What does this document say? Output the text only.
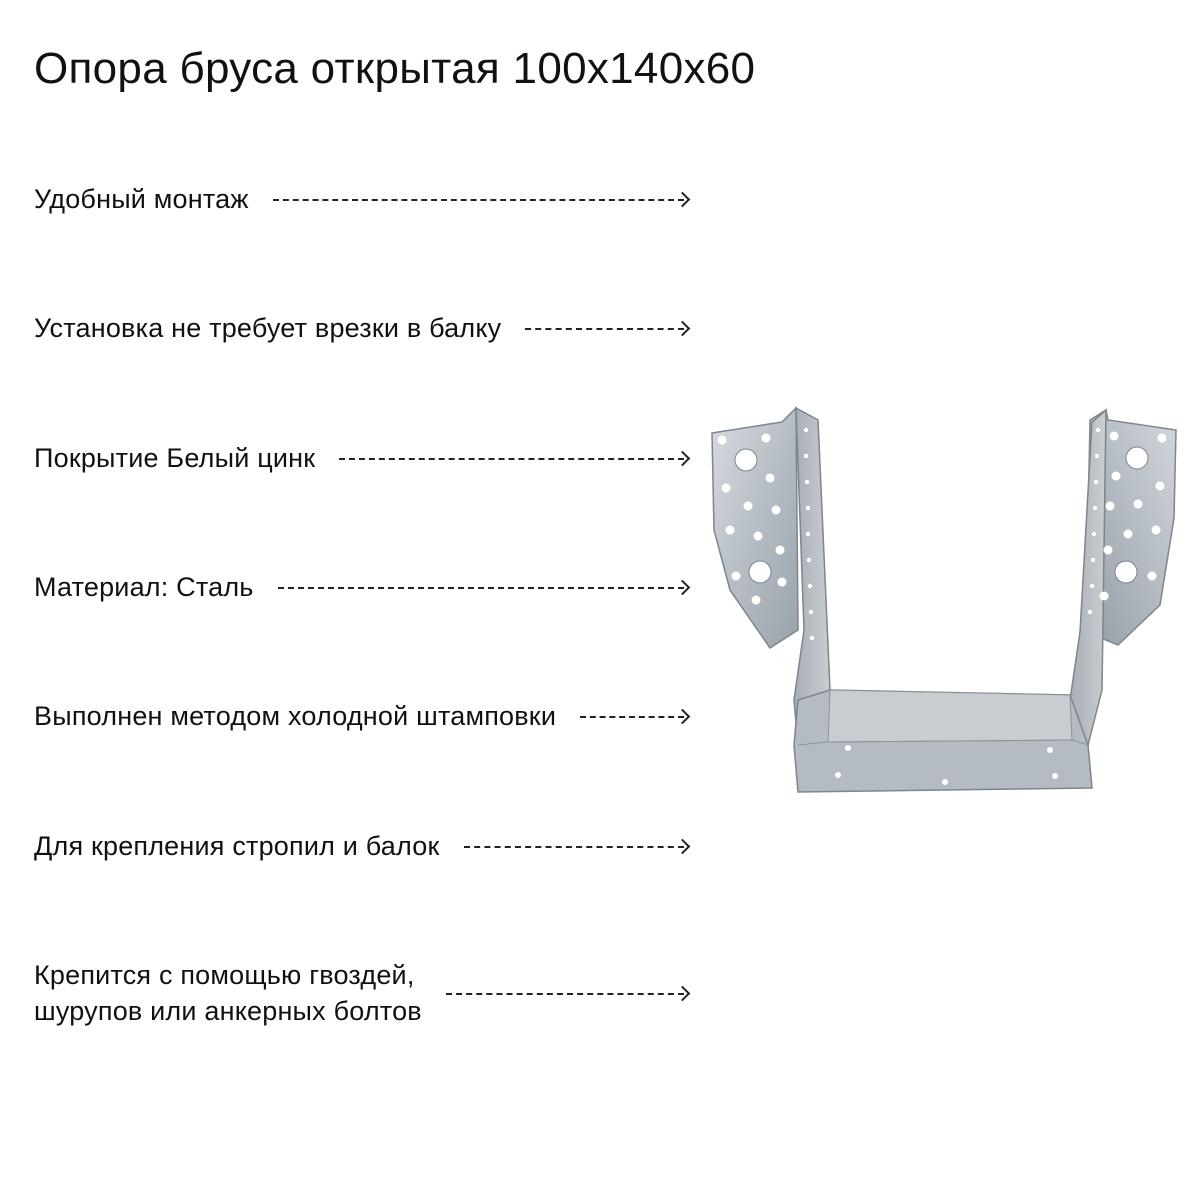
Опора бруса открытая 100х140х60
Удобный монтаж
Установка не требует врезки в балку
Покрытие Белый цинк
Материал: Сталь
Выполнен методом холодной штамповки
Для крепления стропил и балок
Крепится с помощью гвоздей,
шурупов или анкерных болтов
